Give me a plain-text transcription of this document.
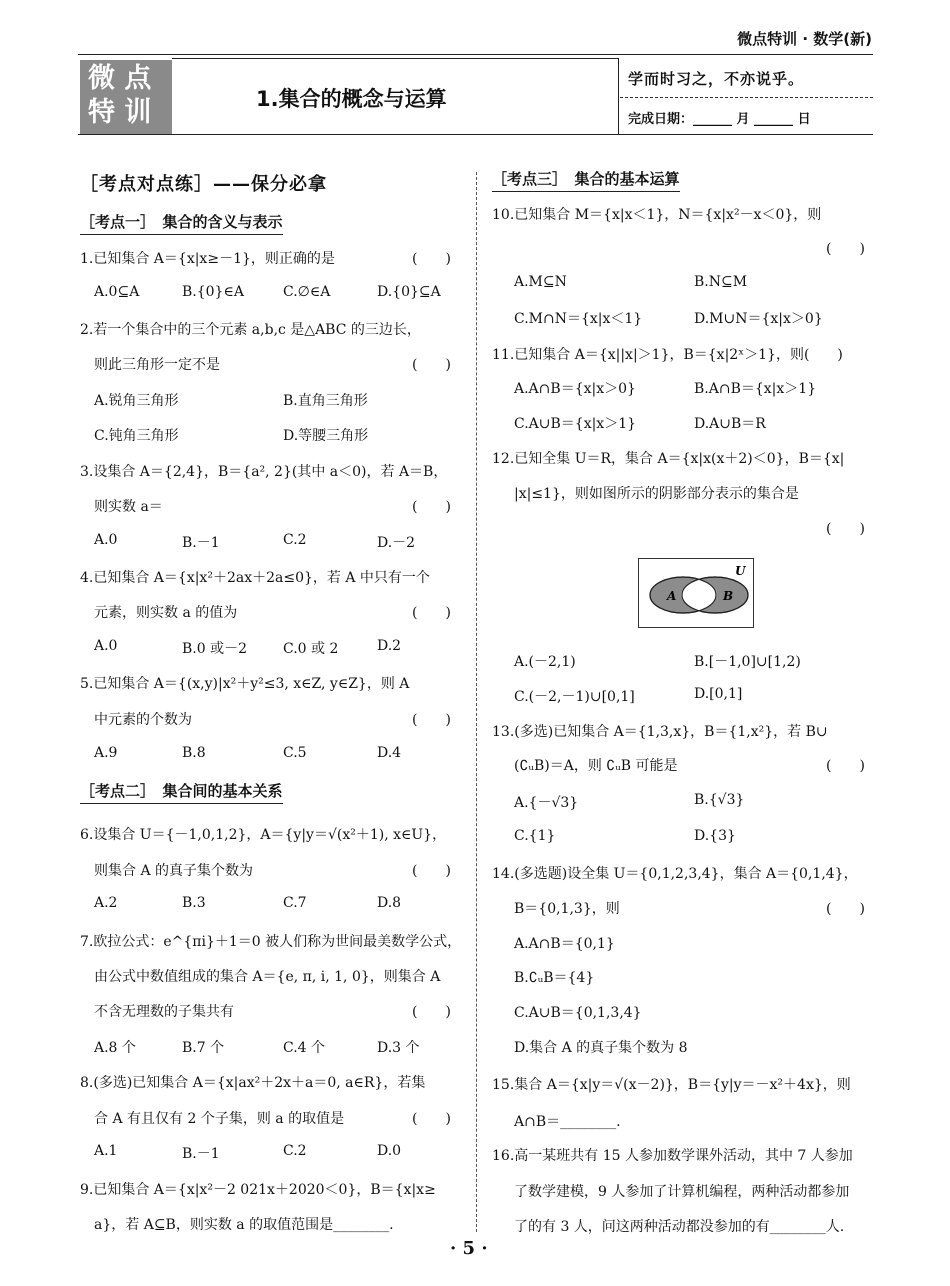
微点特训 · 数学(新)
微 点
特 训	1.集合的概念与运算
学而时习之，不亦说乎。
完成日期：______ 月 ______ 日
［考点对点练］——保分必拿
［考点一］　集合的含义与表示
1.已知集合 A＝{x|x≥－1}，则正确的是	(　　)
A.0⊆A	B.{0}∈A	C.∅∈A	D.{0}⊆A
2.若一个集合中的三个元素 a,b,c 是△ABC 的三边长，
则此三角形一定不是	(　　)
A.锐角三角形	B.直角三角形
C.钝角三角形	D.等腰三角形
3.设集合 A＝{2,4}，B＝{a², 2}(其中 a＜0)，若 A＝B，
则实数 a＝	(　　)
A.0	B.－1	C.2	D.－2
4.已知集合 A＝{x|x²＋2ax＋2a≤0}，若 A 中只有一个
元素，则实数 a 的值为	(　　)
A.0	B.0 或－2	C.0 或 2	D.2
5.已知集合 A＝{(x,y)|x²＋y²≤3, x∈Z, y∈Z}，则 A
中元素的个数为	(　　)
A.9	B.8	C.5	D.4
［考点二］　集合间的基本关系
6.设集合 U＝{－1,0,1,2}，A＝{y|y＝√(x²＋1), x∈U}，
则集合 A 的真子集个数为	(　　)
A.2	B.3	C.7	D.8
7.欧拉公式：e^{πi}＋1＝0 被人们称为世间最美数学公式，
由公式中数值组成的集合 A＝{e, π, i, 1, 0}，则集合 A
不含无理数的子集共有	(　　)
A.8 个	B.7 个	C.4 个	D.3 个
8.(多选)已知集合 A＝{x|ax²＋2x＋a＝0, a∈R}，若集
合 A 有且仅有 2 个子集，则 a 的取值是	(　　)
A.1	B.－1	C.2	D.0
9.已知集合 A＝{x|x²－2 021x＋2020＜0}，B＝{x|x≥
a}，若 A⊆B，则实数 a 的取值范围是________.
［考点三］　集合的基本运算
10.已知集合 M＝{x|x＜1}，N＝{x|x²－x＜0}，则
(　　)
A.M⊆N	B.N⊆M
C.M∩N＝{x|x＜1}	D.M∪N＝{x|x＞0}
11.已知集合 A＝{x||x|＞1}，B＝{x|2ˣ＞1}，则(　　)
A.A∩B＝{x|x＞0}	B.A∩B＝{x|x＞1}
C.A∪B＝{x|x＞1}	D.A∪B＝R
12.已知全集 U＝R，集合 A＝{x|x(x＋2)＜0}，B＝{x|
|x|≤1}，则如图所示的阴影部分表示的集合是
(　　)
U
A	B
A.(－2,1)	B.[－1,0]∪[1,2)
C.(－2,－1)∪[0,1]	D.[0,1]
13.(多选)已知集合 A＝{1,3,x}，B＝{1,x²}，若 B∪
(∁ᵤB)＝A，则 ∁ᵤB 可能是	(　　)
A.{－√3}	B.{√3}
C.{1}	D.{3}
14.(多选题)设全集 U＝{0,1,2,3,4}，集合 A＝{0,1,4}，
B＝{0,1,3}，则	(　　)
A.A∩B＝{0,1}
B.∁ᵤB＝{4}
C.A∪B＝{0,1,3,4}
D.集合 A 的真子集个数为 8
15.集合 A＝{x|y＝√(x－2)}，B＝{y|y＝－x²＋4x}，则
A∩B＝________.
16.高一某班共有 15 人参加数学课外活动，其中 7 人参加
了数学建模，9 人参加了计算机编程，两种活动都参加
了的有 3 人，问这两种活动都没参加的有________人.
· 5 ·
